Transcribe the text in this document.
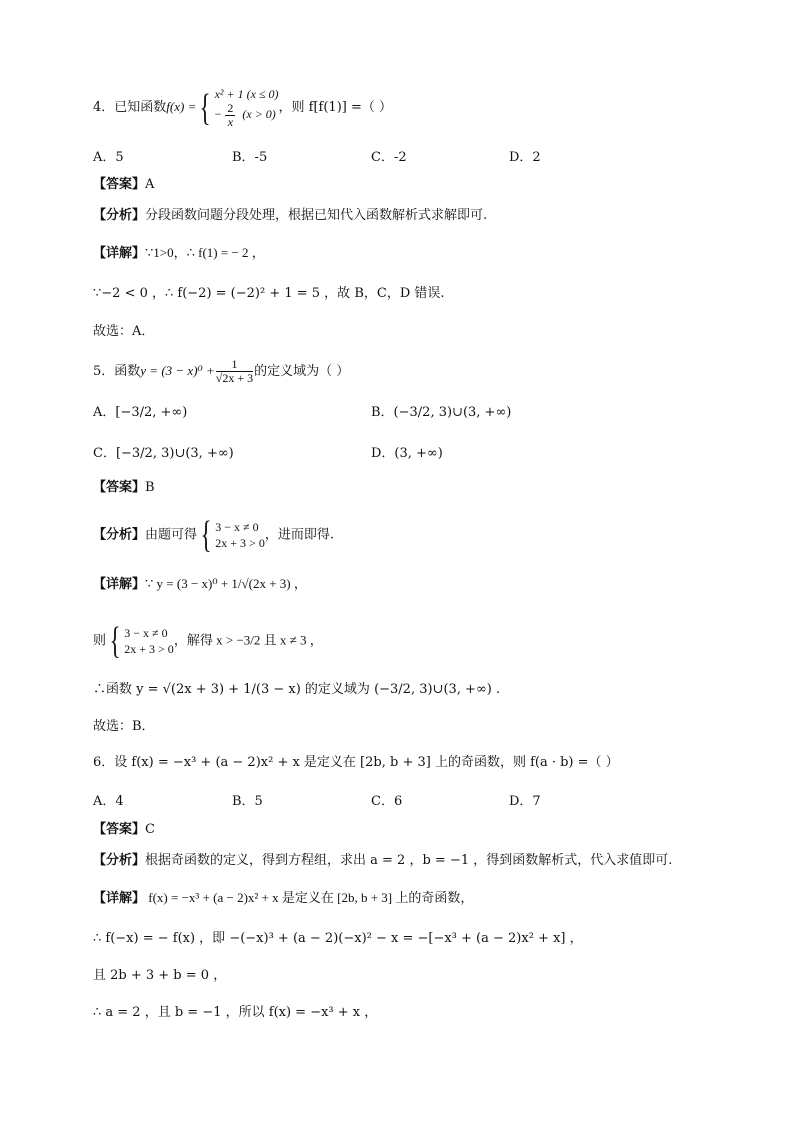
4．已知函数f(x) ={ x² + 1 (x ≤ 0)
− $\frac{2}{x} (x > 0)$ ，则 f[f(1)] =（ ）
A．5	B．-5	C．-2	D．2
【答案】A
【分析】分段函数问题分段处理，根据已知代入函数解析式求解即可.
【详解】∵1>0，∴ f(1) = − 2 ，
∵−2 < 0 ，∴ f(−2) = (−2)² + 1 = 5 ，故 B，C，D 错误.
故选：A．
5．函数$y = (3 - x)^0 + \frac{1}{√2x + 3}$ 的定义域为（ ）
A．[−3/2, +∞)	B．(−3/2, 3)∪(3, +∞)
C．[−3/2, 3)∪(3, +∞)	D．(3, +∞)
【答案】B
【分析】由题可得{ 3 − x ≠ 0
2x + 3 > 0，进而即得.
【详解】∵ y = (3 − x)⁰ + 1/√(2x + 3) ，
则{ 3 − x ≠ 0
2x + 3 > 0，解得 x > −3/2 且 x ≠ 3 ，
∴函数 y = √(2x + 3) + 1/(3 − x) 的定义域为 (−3/2, 3)∪(3, +∞) .
故选：B．
6．设 f(x) = −x³ + (a − 2)x² + x 是定义在 [2b, b + 3] 上的奇函数，则 f(a · b) =（ ）
A．4	B．5	C．6	D．7
【答案】C
【分析】根据奇函数的定义，得到方程组，求出 a = 2 ，b = −1 ，得到函数解析式，代入求值即可.
【详解】 f(x) = −x³ + (a − 2)x² + x 是定义在 [2b, b + 3] 上的奇函数，
∴ f(−x) = − f(x) ，即 −(−x)³ + (a − 2)(−x)² − x = −[−x³ + (a − 2)x² + x] ，
且 2b + 3 + b = 0 ，
∴ a = 2 ，且 b = −1 ，所以 f(x) = −x³ + x ，
